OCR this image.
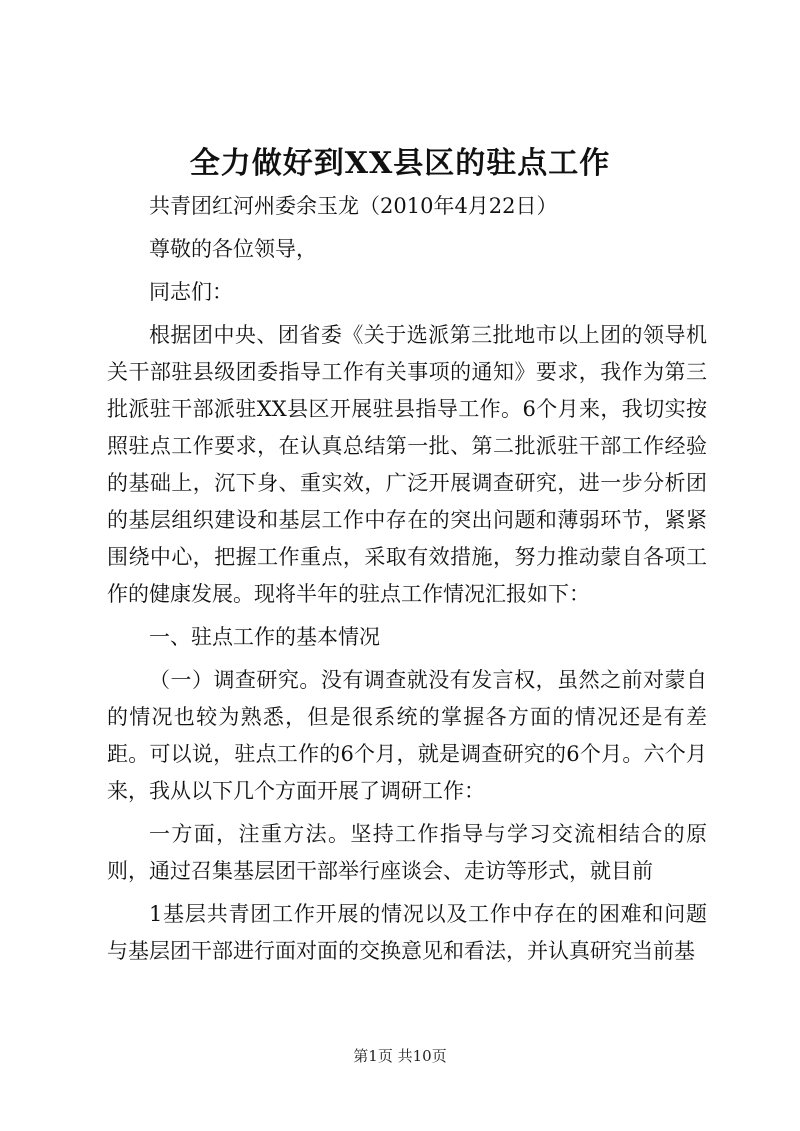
全力做好到XX县区的驻点工作

共青团红河州委余玉龙（2010年4月22日）

尊敬的各位领导，

同志们：

根据团中央、团省委《关于选派第三批地市以上团的领导机关干部驻县级团委指导工作有关事项的通知》要求，我作为第三批派驻干部派驻XX县区开展驻县指导工作。6个月来，我切实按照驻点工作要求，在认真总结第一批、第二批派驻干部工作经验的基础上，沉下身、重实效，广泛开展调查研究，进一步分析团的基层组织建设和基层工作中存在的突出问题和薄弱环节，紧紧围绕中心，把握工作重点，采取有效措施，努力推动蒙自各项工作的健康发展。现将半年的驻点工作情况汇报如下：

一、驻点工作的基本情况

（一）调查研究。没有调查就没有发言权，虽然之前对蒙自的情况也较为熟悉，但是很系统的掌握各方面的情况还是有差距。可以说，驻点工作的6个月，就是调查研究的6个月。六个月来，我从以下几个方面开展了调研工作：

一方面，注重方法。坚持工作指导与学习交流相结合的原则，通过召集基层团干部举行座谈会、走访等形式，就目前

1基层共青团工作开展的情况以及工作中存在的困难和问题与基层团干部进行面对面的交换意见和看法，并认真研究当前基

第1页 共10页
